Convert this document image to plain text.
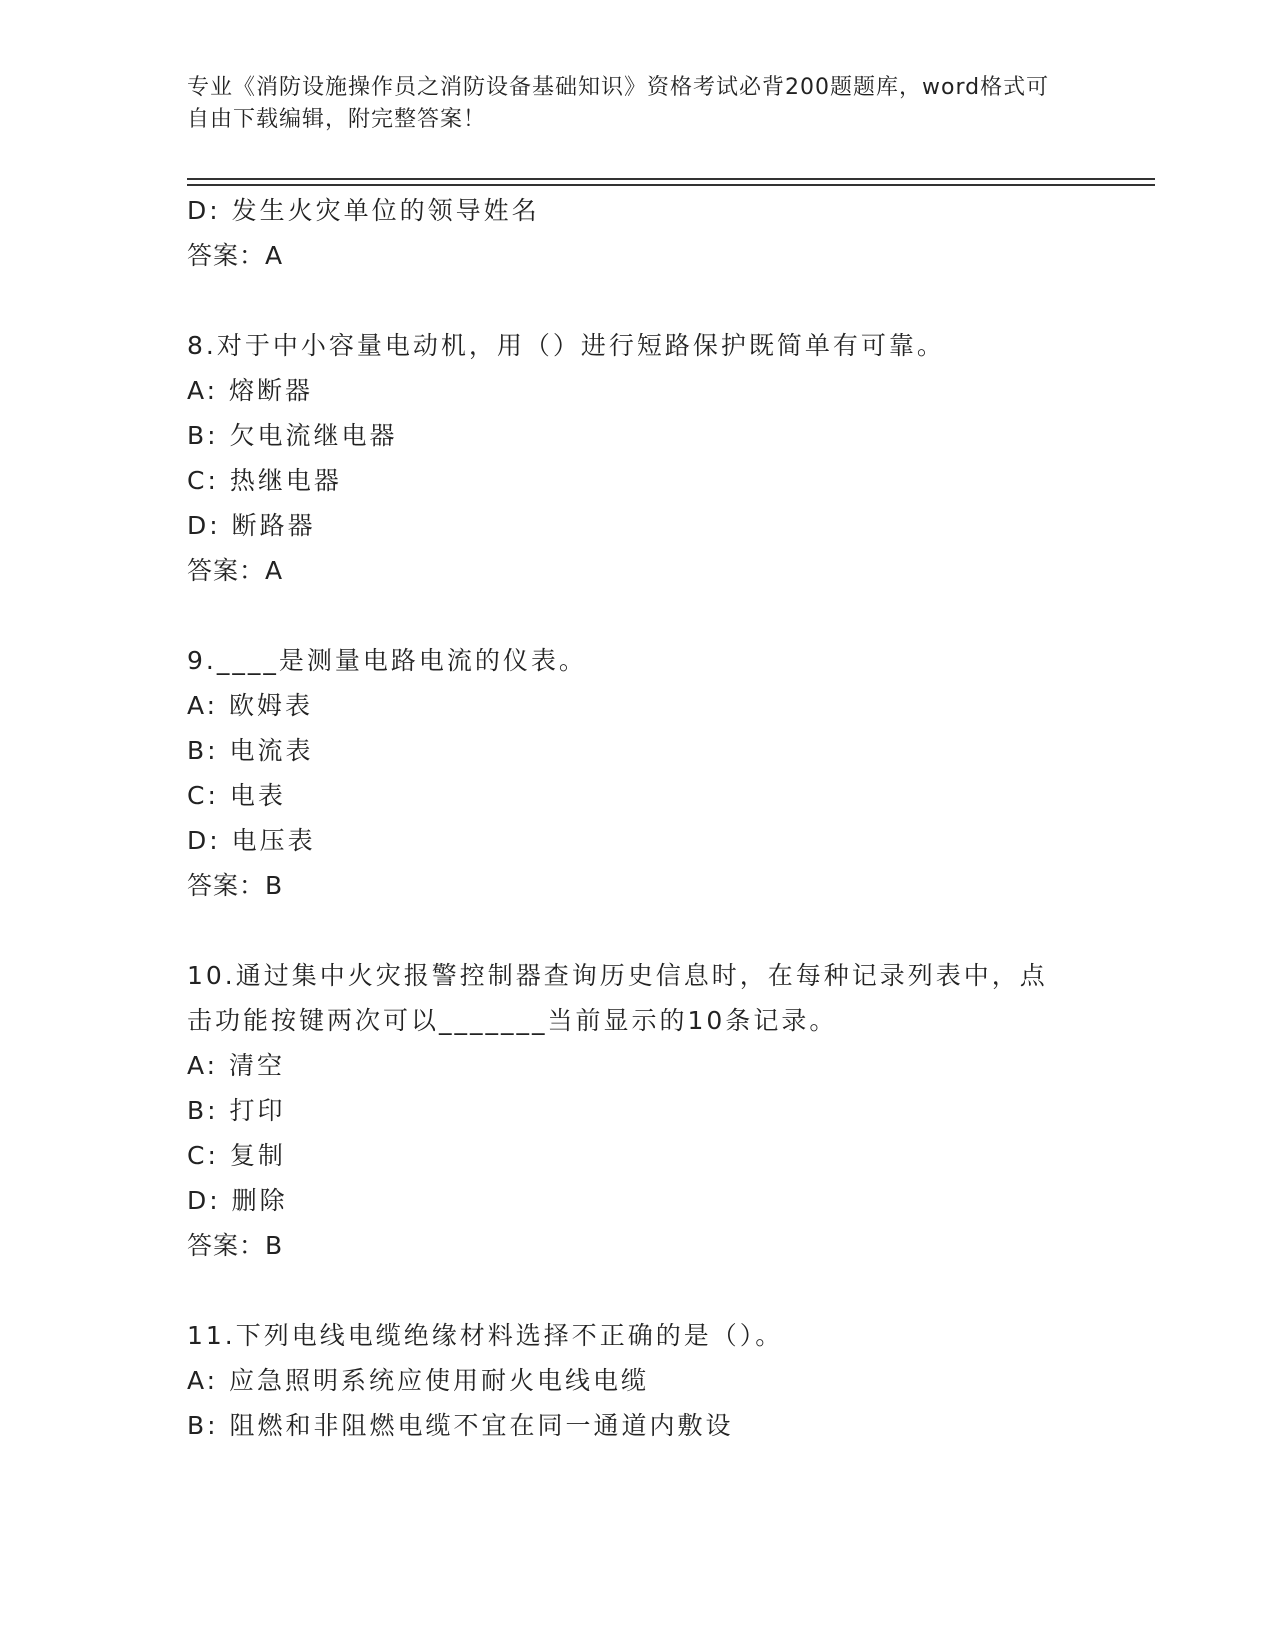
专业《消防设施操作员之消防设备基础知识》资格考试必背200题题库，word格式可自由下载编辑，附完整答案！
D: 发生火灾单位的领导姓名
答案：A
8.对于中小容量电动机，用（）进行短路保护既简单有可靠。
A: 熔断器
B: 欠电流继电器
C: 热继电器
D: 断路器
答案：A
9.____是测量电路电流的仪表。
A: 欧姆表
B: 电流表
C: 电表
D: 电压表
答案：B
10.通过集中火灾报警控制器查询历史信息时，在每种记录列表中，点
击功能按键两次可以_______当前显示的10条记录。
A: 清空
B: 打印
C: 复制
D: 删除
答案：B
11.下列电线电缆绝缘材料选择不正确的是（）。
A: 应急照明系统应使用耐火电线电缆
B: 阻燃和非阻燃电缆不宜在同一通道内敷设
